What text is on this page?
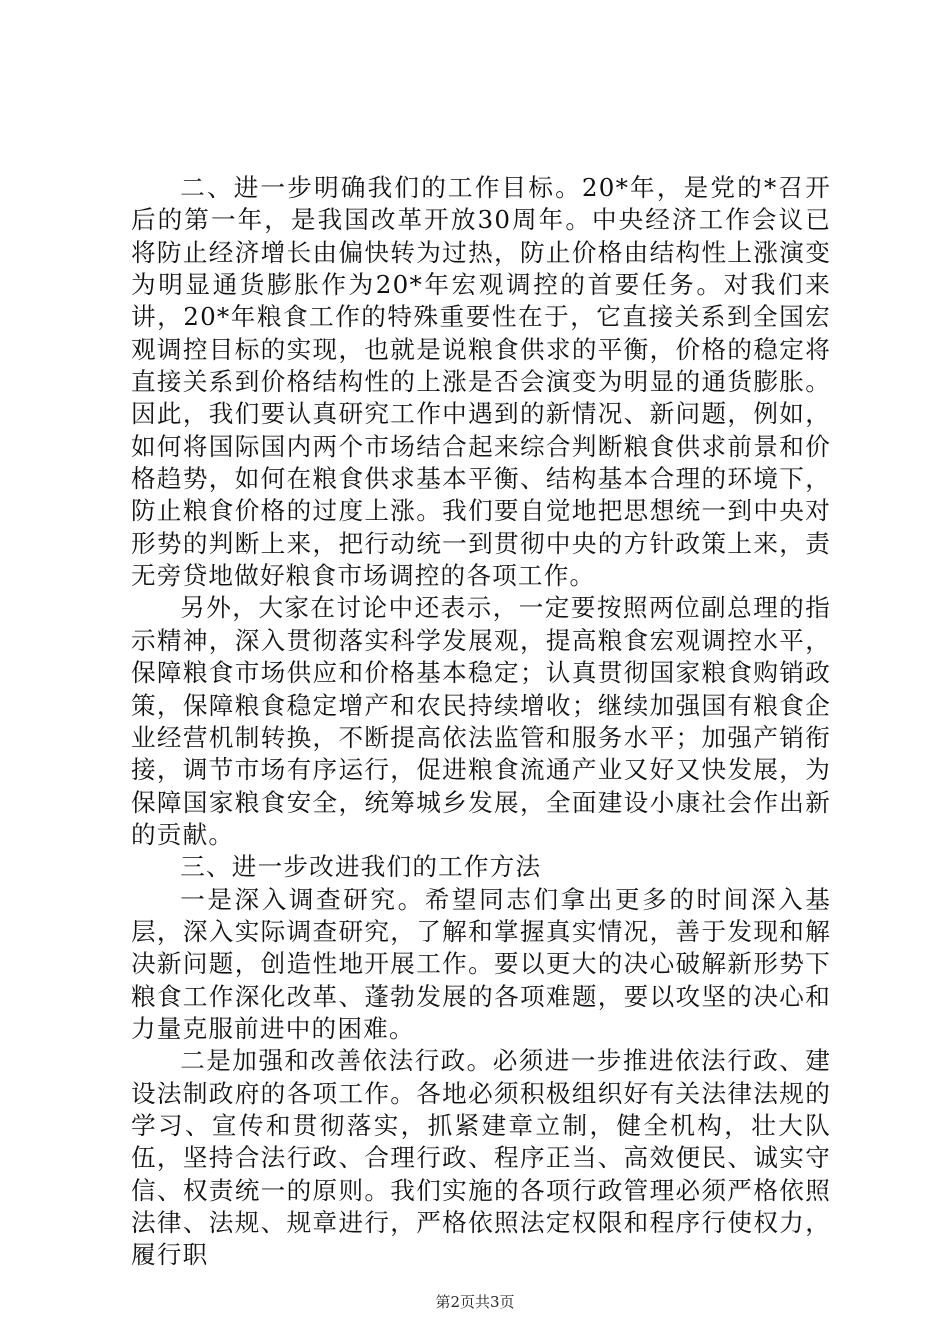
二、进一步明确我们的工作目标。20*年，是党的*召开后的第一年，是我国改革开放30周年。中央经济工作会议已将防止经济增长由偏快转为过热，防止价格由结构性上涨演变为明显通货膨胀作为20*年宏观调控的首要任务。对我们来讲，20*年粮食工作的特殊重要性在于，它直接关系到全国宏观调控目标的实现，也就是说粮食供求的平衡，价格的稳定将直接关系到价格结构性的上涨是否会演变为明显的通货膨胀。因此，我们要认真研究工作中遇到的新情况、新问题，例如，如何将国际国内两个市场结合起来综合判断粮食供求前景和价格趋势，如何在粮食供求基本平衡、结构基本合理的环境下，防止粮食价格的过度上涨。我们要自觉地把思想统一到中央对形势的判断上来，把行动统一到贯彻中央的方针政策上来，责无旁贷地做好粮食市场调控的各项工作。

另外，大家在讨论中还表示，一定要按照两位副总理的指示精神，深入贯彻落实科学发展观，提高粮食宏观调控水平，保障粮食市场供应和价格基本稳定；认真贯彻国家粮食购销政策，保障粮食稳定增产和农民持续增收；继续加强国有粮食企业经营机制转换，不断提高依法监管和服务水平；加强产销衔接，调节市场有序运行，促进粮食流通产业又好又快发展，为保障国家粮食安全，统筹城乡发展，全面建设小康社会作出新的贡献。

三、进一步改进我们的工作方法

一是深入调查研究。希望同志们拿出更多的时间深入基层，深入实际调查研究，了解和掌握真实情况，善于发现和解决新问题，创造性地开展工作。要以更大的决心破解新形势下粮食工作深化改革、蓬勃发展的各项难题，要以攻坚的决心和力量克服前进中的困难。

二是加强和改善依法行政。必须进一步推进依法行政、建设法制政府的各项工作。各地必须积极组织好有关法律法规的学习、宣传和贯彻落实，抓紧建章立制，健全机构，壮大队伍，坚持合法行政、合理行政、程序正当、高效便民、诚实守信、权责统一的原则。我们实施的各项行政管理必须严格依照法律、法规、规章进行，严格依照法定权限和程序行使权力，履行职

第2页共3页
